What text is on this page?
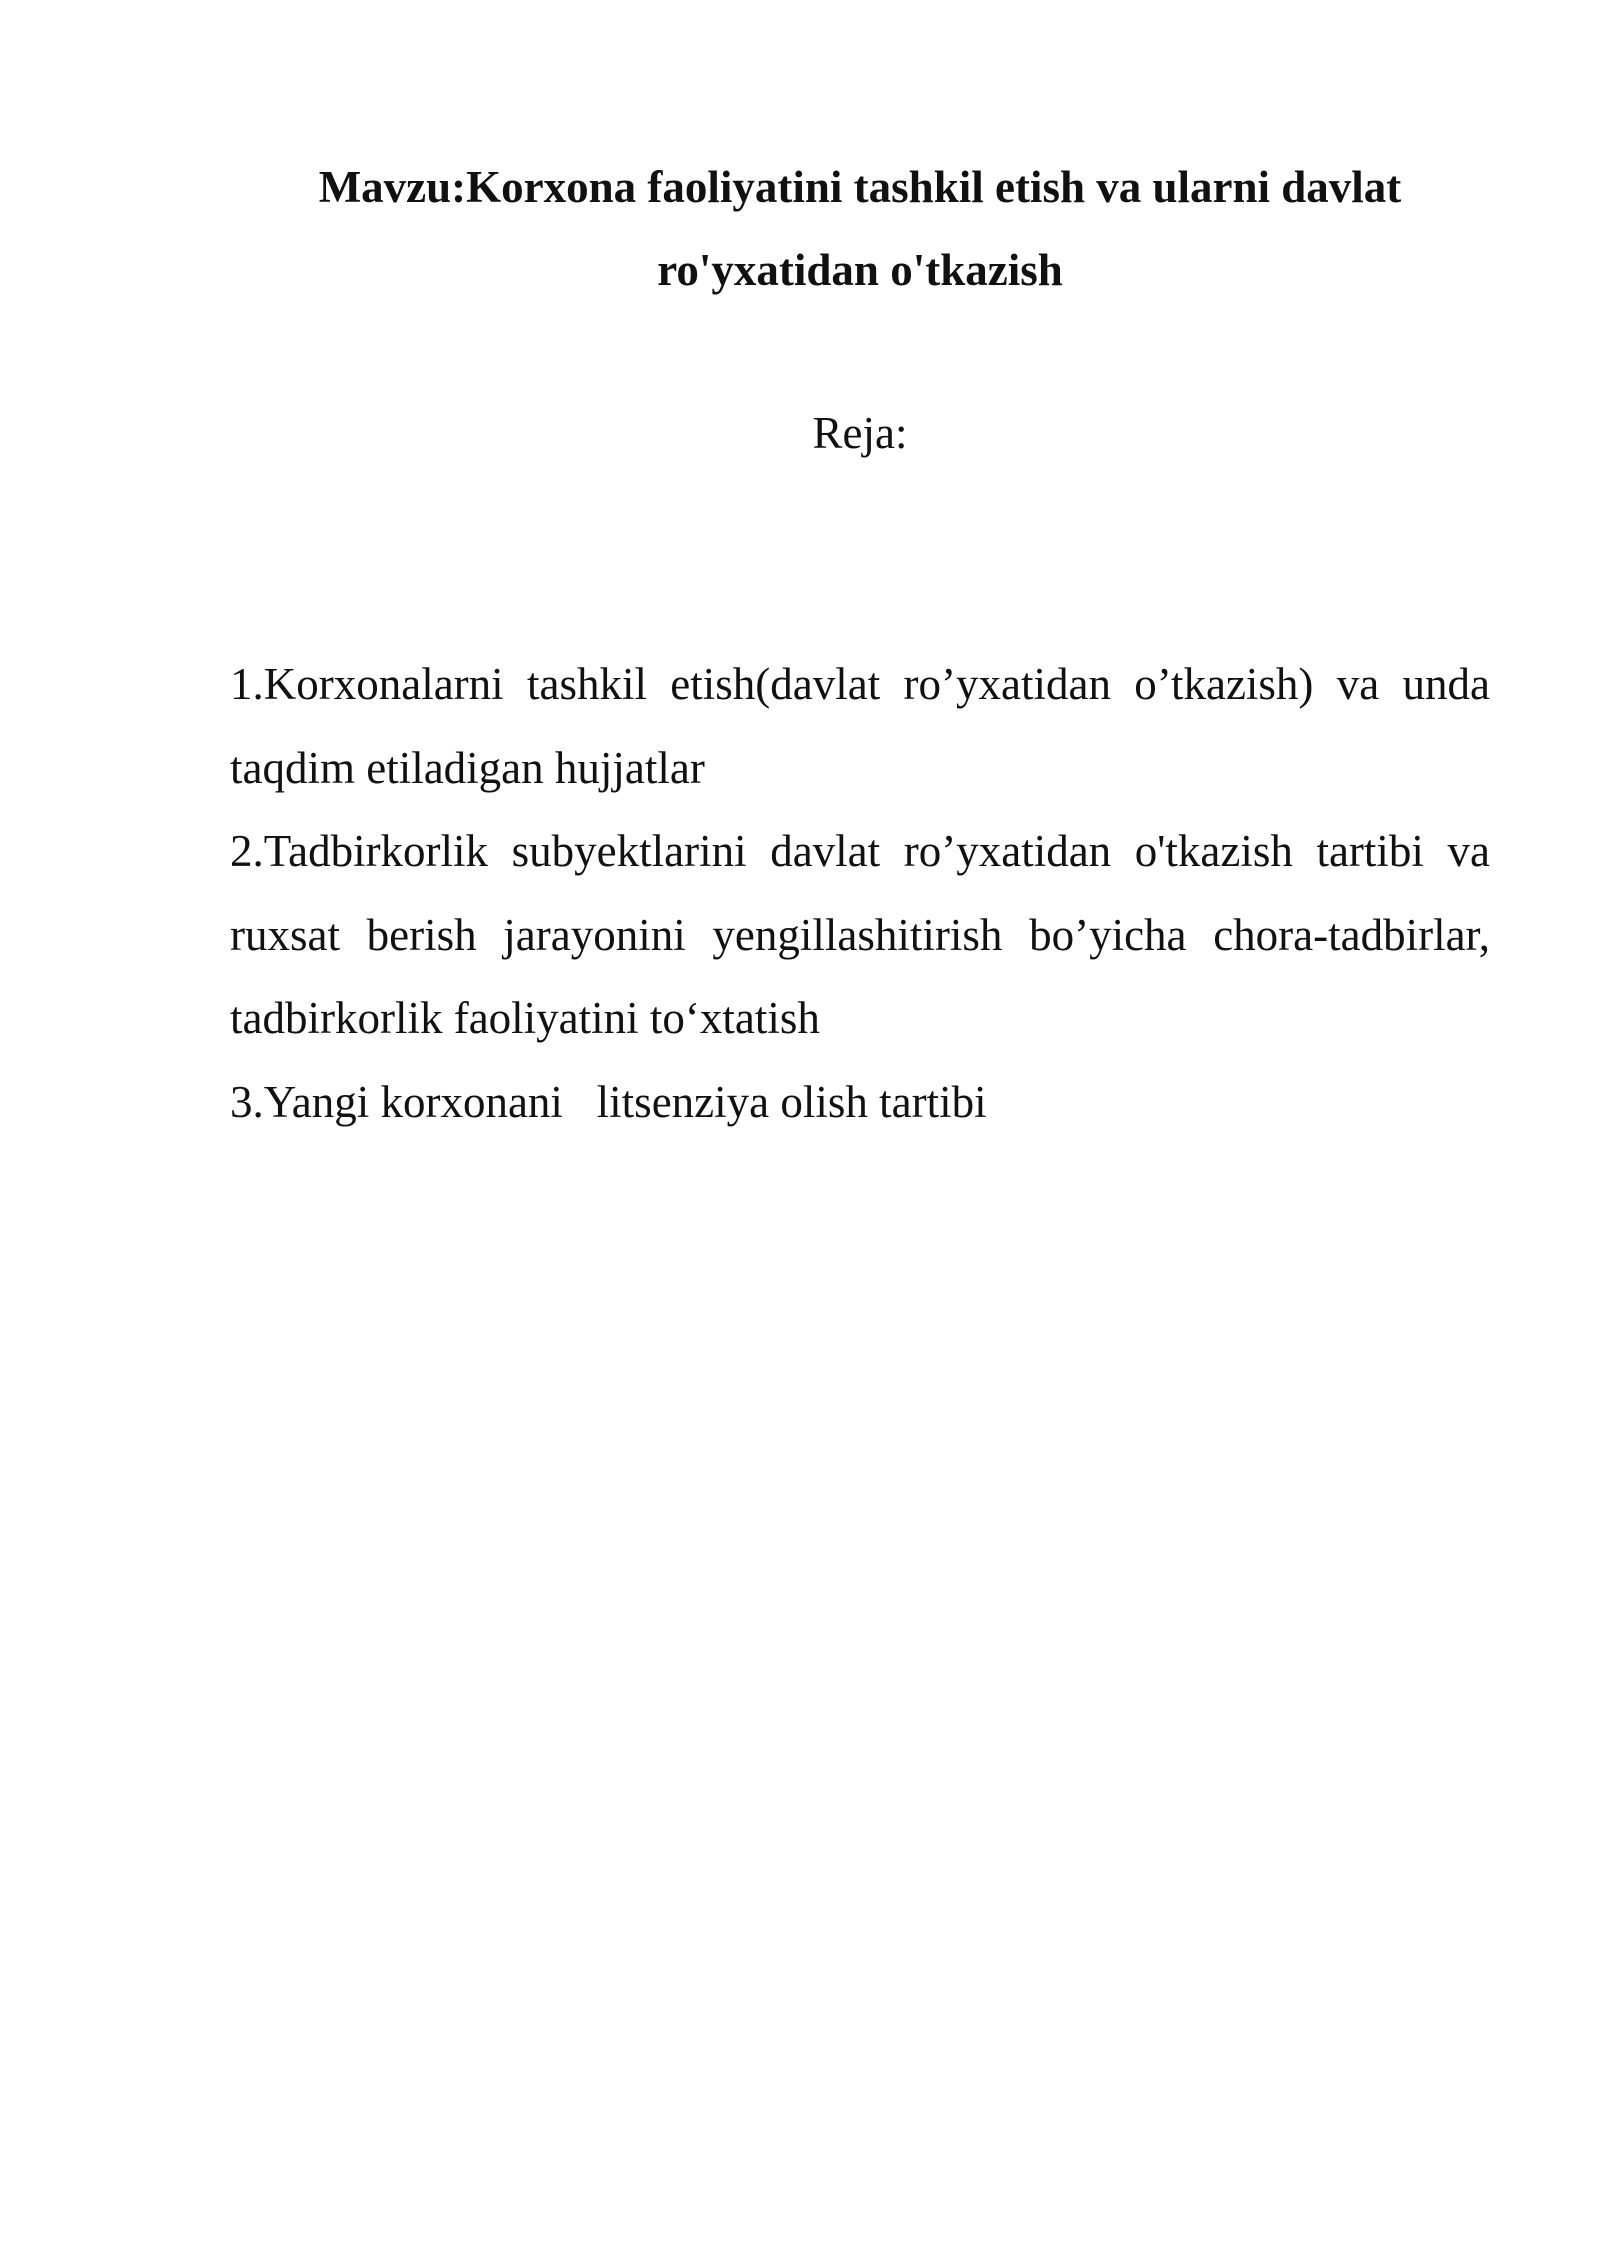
Mavzu:Korxona faoliyatini tashkil etish va ularni davlat
ro'yxatidan o'tkazish
Reja:
1.Korxonalarni tashkil etish(davlat ro’yxatidan o’tkazish) va unda   taqdim etiladigan hujjatlar
2.Tadbirkorlik subyektlarini davlat ro’yxatidan o'tkazish tartibi va ruxsat berish jarayonini yengillashitirish bo’yicha chora-tadbirlar, tadbirkorlik faoliyatini to‘xtatish
3.Yangi korxonani   litsenziya olish tartibi
